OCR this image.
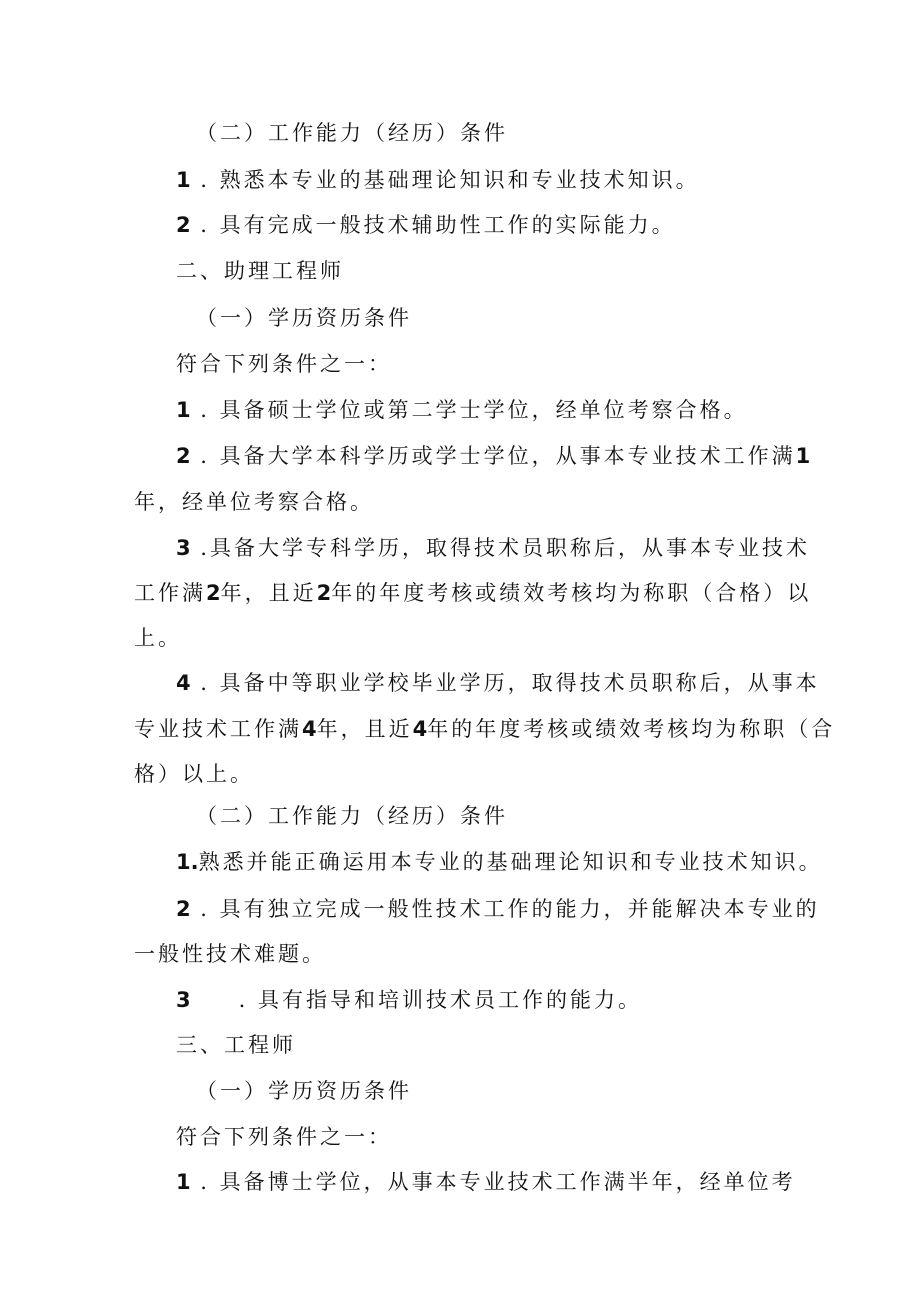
（二）工作能力（经历）条件
1 . 熟悉本专业的基础理论知识和专业技术知识。
2 . 具有完成一般技术辅助性工作的实际能力。
二、助理工程师
（一）学历资历条件
符合下列条件之一：
1 . 具备硕士学位或第二学士学位，经单位考察合格。
2 . 具备大学本科学历或学士学位，从事本专业技术工作满1
年，经单位考察合格。
3 .具备大学专科学历，取得技术员职称后，从事本专业技术
工作满2年，且近2年的年度考核或绩效考核均为称职（合格）以
上。
4 . 具备中等职业学校毕业学历，取得技术员职称后，从事本
专业技术工作满4年，且近4年的年度考核或绩效考核均为称职（合
格）以上。
（二）工作能力（经历）条件
1.熟悉并能正确运用本专业的基础理论知识和专业技术知识。
2 . 具有独立完成一般性技术工作的能力，并能解决本专业的
一般性技术难题。
3 . 具有指导和培训技术员工作的能力。
三、工程师
（一）学历资历条件
符合下列条件之一：
1 . 具备博士学位，从事本专业技术工作满半年，经单位考
